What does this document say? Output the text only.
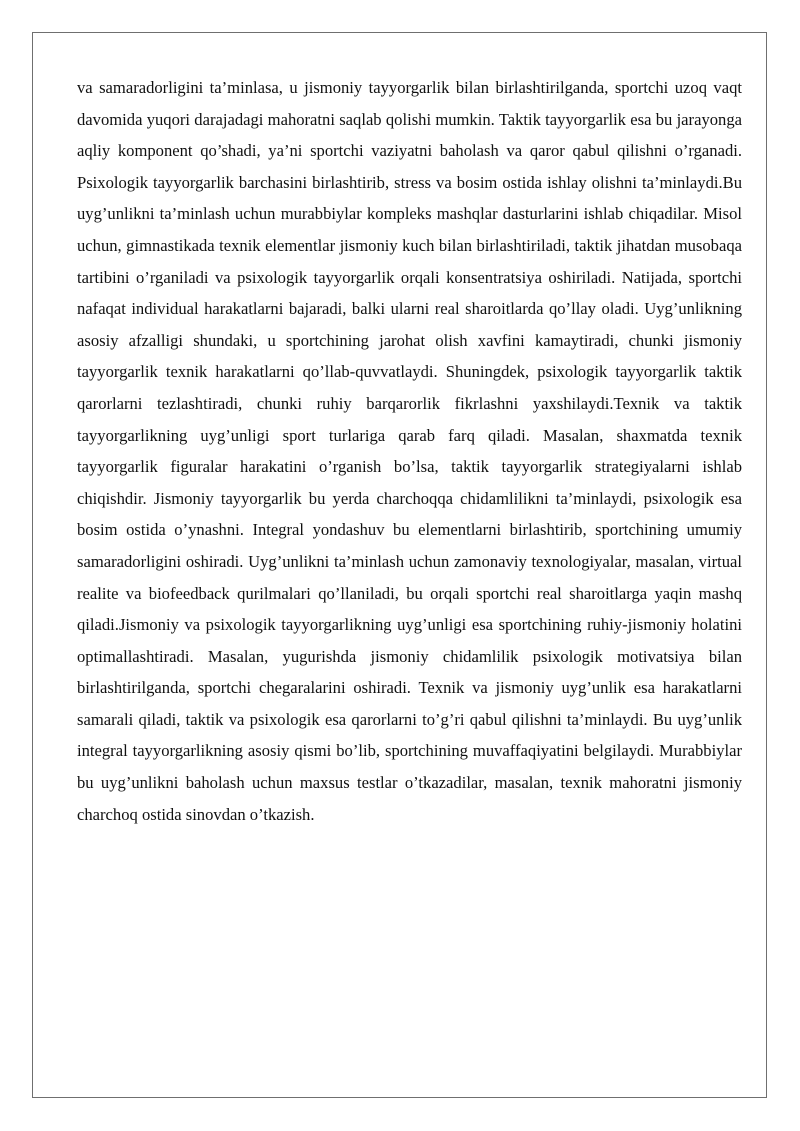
va samaradorligini ta’minlasa, u jismoniy tayyorgarlik bilan birlashtirilganda, sportchi uzoq vaqt davomida yuqori darajadagi mahoratni saqlab qolishi mumkin. Taktik tayyorgarlik esa bu jarayonga aqliy komponent qo’shadi, ya’ni sportchi vaziyatni baholash va qaror qabul qilishni o’rganadi. Psixologik tayyorgarlik barchasini birlashtirib, stress va bosim ostida ishlay olishni ta’minlaydi.Bu uyg’unlikni ta’minlash uchun murabbiylar kompleks mashqlar dasturlarini ishlab chiqadilar. Misol uchun, gimnastikada texnik elementlar jismoniy kuch bilan birlashtiriladi, taktik jihatdan musobaqa tartibini o’rganiladi va psixologik tayyorgarlik orqali konsentratsiya oshiriladi. Natijada, sportchi nafaqat individual harakatlarni bajaradi, balki ularni real sharoitlarda qo’llay oladi. Uyg’unlikning asosiy afzalligi shundaki, u sportchining jarohat olish xavfini kamaytiradi, chunki jismoniy tayyorgarlik texnik harakatlarni qo’llab-quvvatlaydi. Shuningdek, psixologik tayyorgarlik taktik qarorlarni tezlashtiradi, chunki ruhiy barqarorlik fikrlashni yaxshilaydi.Texnik va taktik tayyorgarlikning uyg’unligi sport turlariga qarab farq qiladi. Masalan, shaxmatda texnik tayyorgarlik figuralar harakatini o’rganish bo’lsa, taktik tayyorgarlik strategiyalarni ishlab chiqishdir. Jismoniy tayyorgarlik bu yerda charchoqqa chidamlilikni ta’minlaydi, psixologik esa bosim ostida o’ynashni. Integral yondashuv bu elementlarni birlashtirib, sportchining umumiy samaradorligini oshiradi. Uyg’unlikni ta’minlash uchun zamonaviy texnologiyalar, masalan, virtual realite va biofeedback qurilmalari qo’llaniladi, bu orqali sportchi real sharoitlarga yaqin mashq qiladi.Jismoniy va psixologik tayyorgarlikning uyg’unligi esa sportchining ruhiy-jismoniy holatini optimallashtiradi. Masalan, yugurishda jismoniy chidamlilik psixologik motivatsiya bilan birlashtirilganda, sportchi chegaralarini oshiradi. Texnik va jismoniy uyg’unlik esa harakatlarni samarali qiladi, taktik va psixologik esa qarorlarni to’g’ri qabul qilishni ta’minlaydi. Bu uyg’unlik integral tayyorgarlikning asosiy qismi bo’lib, sportchining muvaffaqiyatini belgilaydi. Murabbiylar bu uyg’unlikni baholash uchun maxsus testlar o’tkazadilar, masalan, texnik mahoratni jismoniy charchoq ostida sinovdan o’tkazish.
